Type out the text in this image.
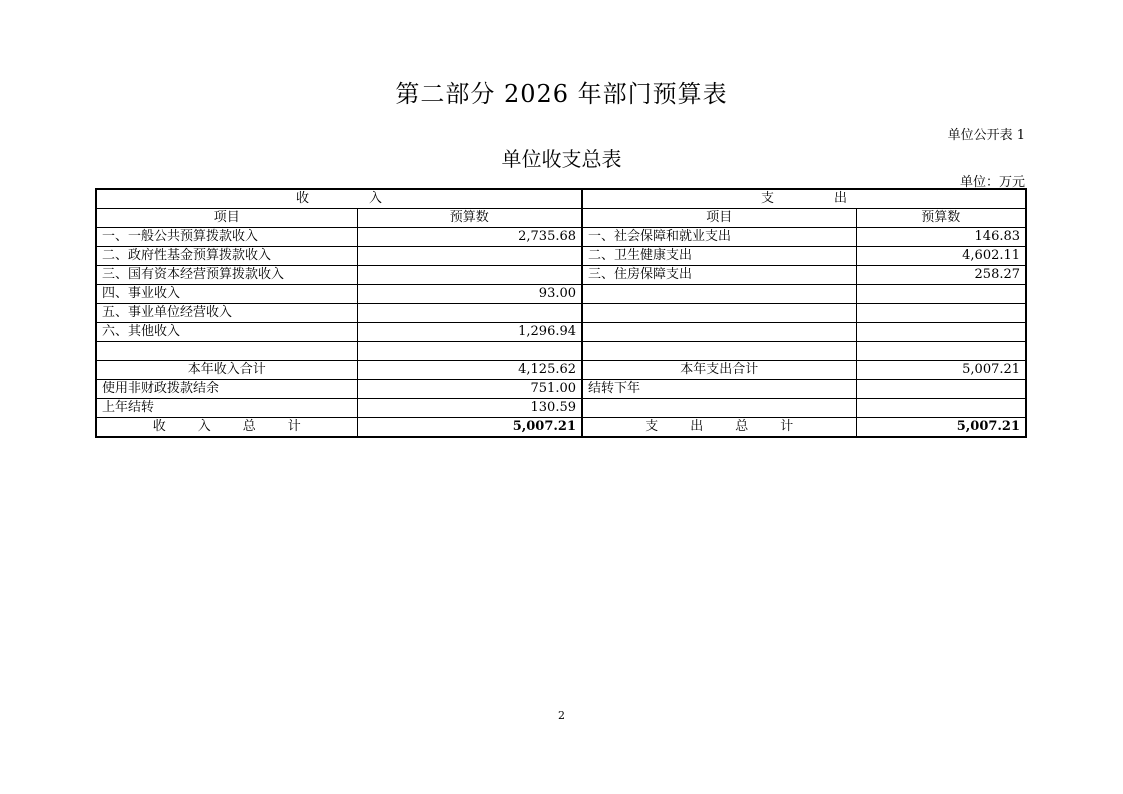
第二部分 2026 年部门预算表
单位公开表 1
单位收支总表
单位：万元
收入		支出	
项目	预算数	项目	预算数
一、一般公共预算拨款收入	2,735.68	一、社会保障和就业支出	146.83
二、政府性基金预算拨款收入		二、卫生健康支出	4,602.11
三、国有资本经营预算拨款收入		三、住房保障支出	258.27
四、事业收入	93.00		
五、事业单位经营收入			
六、其他收入	1,296.94		

本年收入合计	4,125.62	本年支出合计	5,007.21
使用非财政拨款结余	751.00	结转下年	
上年结转	130.59		
收入总计	5,007.21	支出总计	5,007.21
2
